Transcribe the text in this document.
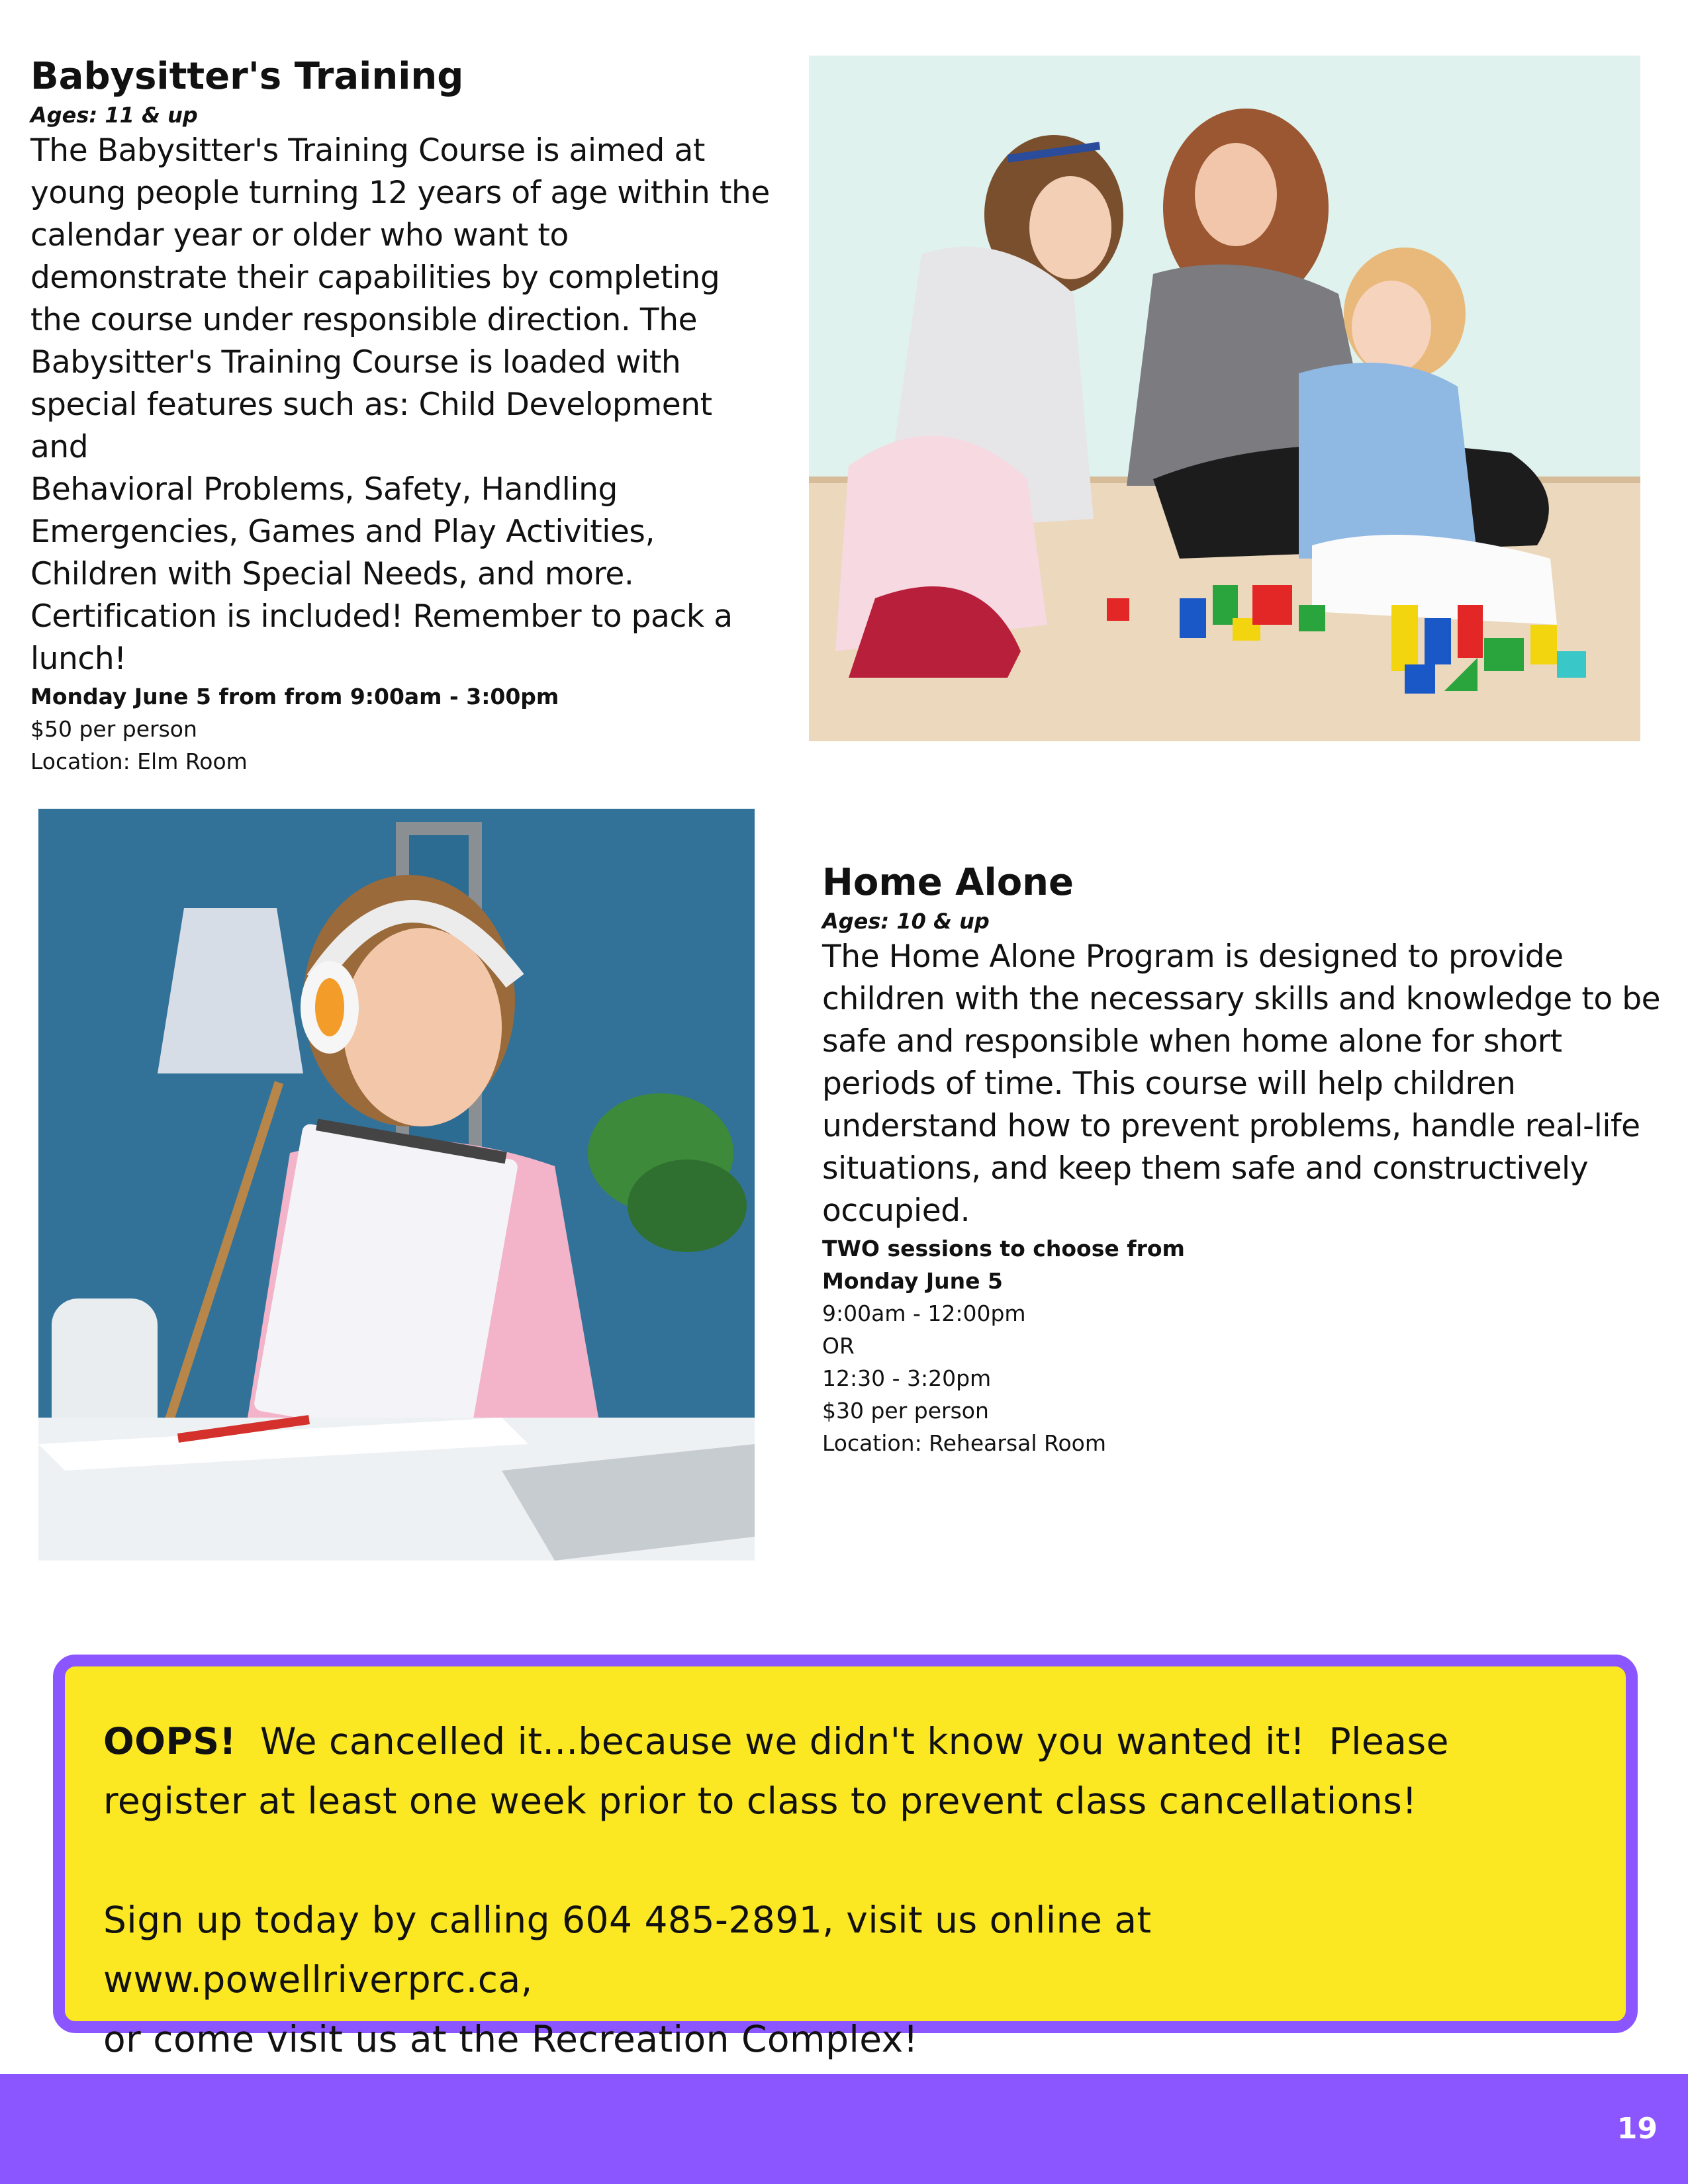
Babysitter's Training
Ages: 11 & up
The Babysitter's Training Course is aimed at
young people turning 12 years of age within the
calendar year or older who want to
demonstrate their capabilities by completing
the course under responsible direction. The
Babysitter's Training Course is loaded with
special features such as: Child Development and
Behavioral Problems, Safety, Handling
Emergencies, Games and Play Activities,
Children with Special Needs, and more.
Certification is included! Remember to pack a
lunch!
Monday June 5 from from 9:00am - 3:00pm
$50 per person
Location: Elm Room
Home Alone
Ages: 10 & up
The Home Alone Program is designed to provide
children with the necessary skills and knowledge to be
safe and responsible when home alone for short
periods of time. This course will help children
understand how to prevent problems, handle real-life
situations, and keep them safe and constructively
occupied.
TWO sessions to choose from
Monday June 5
9:00am - 12:00pm
OR
12:30 - 3:20pm
$30 per person
Location: Rehearsal Room

OOPS!  We cancelled it...because we didn't know you wanted it!  Please

register at least one week prior to class to prevent class cancellations!

Sign up today by calling 604 485-2891, visit us online at www.powellriverprc.ca,

or come visit us at the Recreation Complex!

19
